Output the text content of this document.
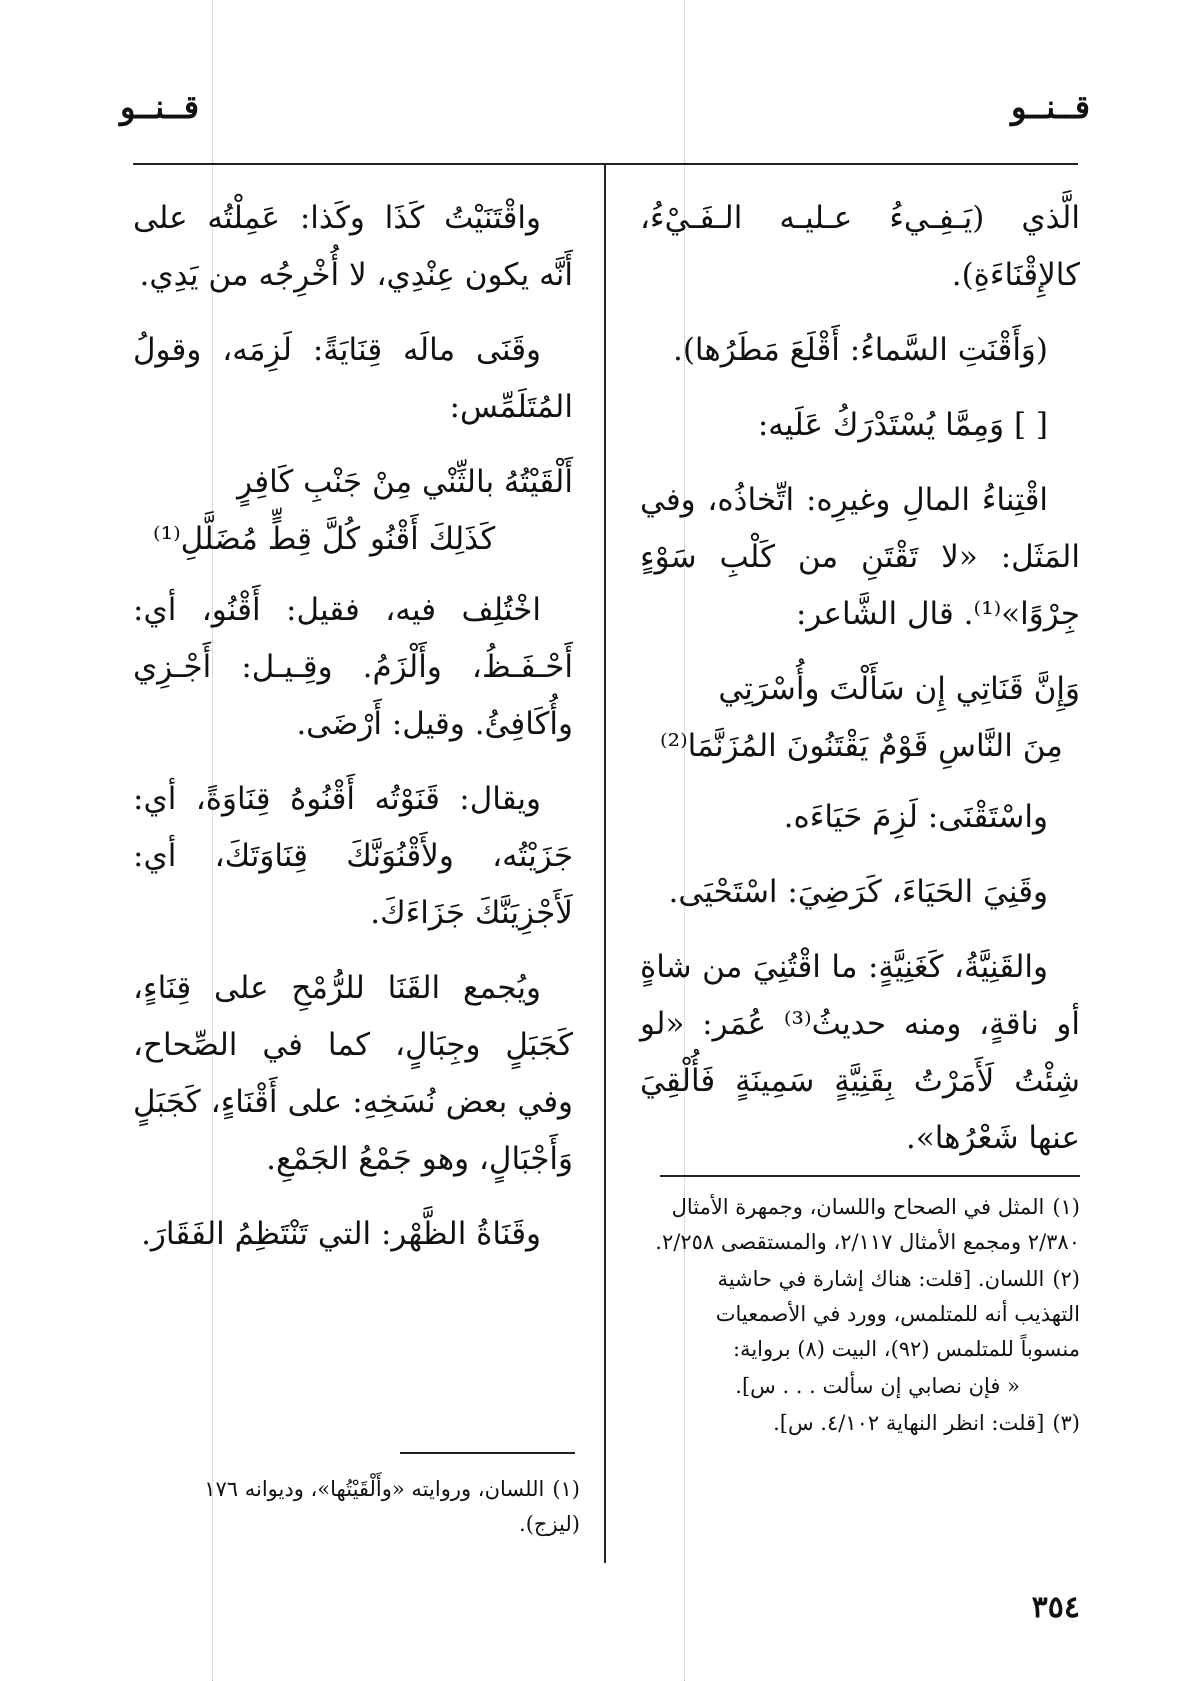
قــنــو
قــنــو

الَّذي (يَـفِـيءُ عـليـه الـفَـيْءُ، كالإِقْنَاءَةِ).

(وَأَقْنَتِ السَّماءُ: أَقْلَعَ مَطَرُها).

[ ] وَمِمَّا يُسْتَدْرَكُ عَلَيه:

اقْتِناءُ المالِ وغيرِه: اتِّخاذُه، وفي المَثَل: «لا تَقْتَنِ من كَلْبِ سَوْءٍ جِرْوًا»⁽¹⁾. قال الشَّاعر:

وَإِنَّ قَنَاتِي إِن سَأَلْتَ وأُسْرَتِي
مِنَ النَّاسِ قَوْمٌ يَقْتَنُونَ المُزَنَّمَا⁽²⁾

واسْتَقْنَى: لَزِمَ حَيَاءَه.

وقَنِيَ الحَيَاءَ، كَرَضِيَ: اسْتَحْيَى.

والقَنِيَّةُ، كَغَنِيَّةٍ: ما اقْتُنِيَ من شاةٍ أو ناقةٍ، ومنه حديثُ⁽³⁾ عُمَر: «لو شِئْتُ لَأَمَرْتُ بِقَنِيَّةٍ سَمِينَةٍ فَأُلْقِيَ عنها شَعْرُها».

واقْتَنَيْتُ كَذَا وكَذا: عَمِلْتُه على أَنَّه يكون عِنْدِي، لا أُخْرِجُه من يَدِي.

وقَنَى مالَه قِنَايَةً: لَزِمَه، وقولُ المُتَلَمِّس:

أَلْقَيْتُهُ بالثِّنْي مِنْ جَنْبِ كَافِرٍ
كَذَلِكَ أَقْنُو كُلَّ قِطٍّ مُضَلَّلِ⁽¹⁾

اخْتُلِف فيه، فقيل: أَقْنُو، أي: أَحْـفَـظُ، وأَلْزَمُ. وقِـيـل: أَجْـزِي وأُكَافِئُ. وقيل: أَرْضَى.

ويقال: قَنَوْتُه أَقْنُوهُ قِنَاوَةً، أي: جَزَيْتُه، ولأَقْنُوَنَّكَ قِنَاوَتَكَ، أي: لَأَجْزِيَنَّكَ جَزَاءَكَ.

ويُجمع القَنَا للرُّمْحِ على قِنَاءٍ، كَجَبَلٍ وجِبَالٍ، كما في الصِّحاح، وفي بعض نُسَخِهِ: على أَقْنَاءٍ، كَجَبَلٍ وَأَجْبَالٍ، وهو جَمْعُ الجَمْعِ.

وقَنَاةُ الظَّهْر: التي تَنْتَظِمُ الفَقَارَ.

(١)المثل في الصحاح واللسان، وجمهرة الأمثال ٢/٣٨٠ ومجمع الأمثال ٢/١١٧، والمستقصى ٢/٢٥٨.
(٢)اللسان. [قلت: هناك إشارة في حاشية التهذيب أنه للمتلمس، وورد في الأصمعيات منسوباً للمتلمس (٩٢)، البيت (٨) برواية:
« فإن نصابي إن سألت . . . س].
(٣)[قلت: انظر النهاية ٤/١٠٢. س].
(١)اللسان، وروايته «وأَلْقَيْتُها»، وديوانه ١٧٦ (ليزج).
٣٥٤
